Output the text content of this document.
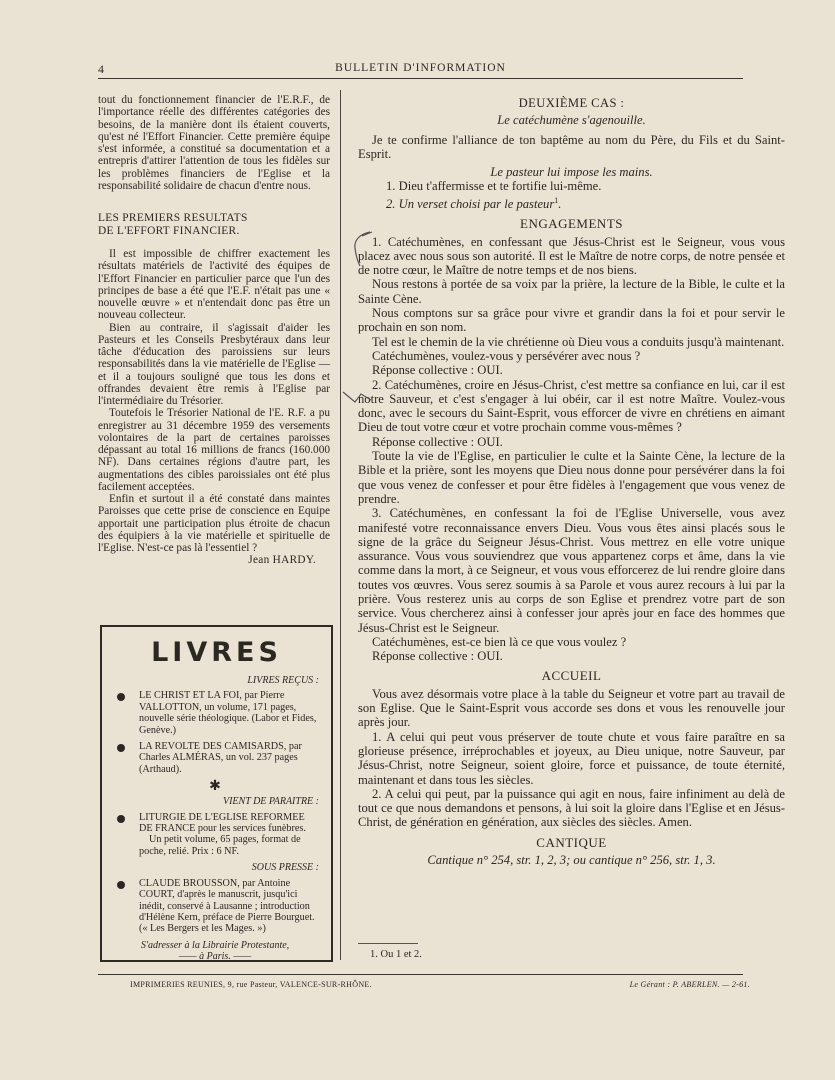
4	BULLETIN D'INFORMATION

tout du fonctionnement financier de l'E.R.F., de l'importance réelle des différentes catégories des besoins, de la manière dont ils étaient couverts, qu'est né l'Effort Financier. Cette première équipe s'est informée, a constitué sa documentation et a entrepris d'attirer l'attention de tous les fidèles sur les problèmes financiers de l'Eglise et la responsabilité solidaire de chacun d'entre nous.

LES PREMIERS RESULTATS
DE L'EFFORT FINANCIER.

Il est impossible de chiffrer exactement les résultats matériels de l'activité des équipes de l'Effort Financier en particulier parce que l'un des principes de base a été que l'E.F. n'était pas une « nouvelle œuvre » et n'entendait donc pas être un nouveau collecteur.

Bien au contraire, il s'agissait d'aider les Pasteurs et les Conseils Presbytéraux dans leur tâche d'éducation des paroissiens sur leurs responsabilités dans la vie matérielle de l'Eglise — et il a toujours souligné que tous les dons et offrandes devaient être remis à l'Eglise par l'intermédiaire du Trésorier.

Toutefois le Trésorier National de l'E. R.F. a pu enregistrer au 31 décembre 1959 des versements volontaires de la part de certaines paroisses dépassant au total 16 millions de francs (160.000 NF). Dans certaines régions d'autre part, les augmentations des cibles paroissiales ont été plus facilement acceptées.

Enfin et surtout il a été constaté dans maintes Paroisses que cette prise de conscience en Equipe apportait une participation plus étroite de chacun des équipiers à la vie matérielle et spirituelle de l'Eglise. N'est-ce pas là l'essentiel ?

Jean HARDY.
LIVRES
LIVRES REÇUS :
LE CHRIST ET LA FOI, par Pierre VALLOTTON, un volume, 171 pages, nouvelle série théologique. (Labor et Fides, Genève.)
LA REVOLTE DES CAMISARDS, par Charles ALMÉRAS, un vol. 237 pages (Arthaud).
✱
VIENT DE PARAITRE :
LITURGIE DE L'EGLISE REFORMEE DE FRANCE pour les services funèbres.
Un petit volume, 65 pages, format de poche, relié. Prix : 6 NF.
SOUS PRESSE :
CLAUDE BROUSSON, par Antoine COURT, d'après le manuscrit, jusqu'ici inédit, conservé à Lausanne ; introduction d'Hélène Kern, préface de Pierre Bourguet. (« Les Bergers et les Mages. »)
S'adresser à la Librairie Protestante,
—— à Paris. ——
DEUXIÈME CAS :
Le catéchumène s'agenouille.

Je te confirme l'alliance de ton baptême au nom du Père, du Fils et du Saint-Esprit.

Le pasteur lui impose les mains.
1. Dieu t'affermisse et te fortifie lui-même.
2. Un verset choisi par le pasteur$^1$.
ENGAGEMENTS

1. Catéchumènes, en confessant que Jésus-Christ est le Seigneur, vous vous placez avec nous sous son autorité. Il est le Maître de notre corps, de notre pensée et de notre cœur, le Maître de notre temps et de nos biens.

Nous restons à portée de sa voix par la prière, la lecture de la Bible, le culte et la Sainte Cène.

Nous comptons sur sa grâce pour vivre et grandir dans la foi et pour servir le prochain en son nom.

Tel est le chemin de la vie chrétienne où Dieu vous a conduits jusqu'à maintenant.

Catéchumènes, voulez-vous y persévérer avec nous ?

Réponse collective : OUI.

2. Catéchumènes, croire en Jésus-Christ, c'est mettre sa confiance en lui, car il est notre Sauveur, et c'est s'engager à lui obéir, car il est notre Maître. Voulez-vous donc, avec le secours du Saint-Esprit, vous efforcer de vivre en chrétiens en aimant Dieu de tout votre cœur et votre prochain comme vous-mêmes ?

Réponse collective : OUI.

Toute la vie de l'Eglise, en particulier le culte et la Sainte Cène, la lecture de la Bible et la prière, sont les moyens que Dieu nous donne pour persévérer dans la foi que vous venez de confesser et pour être fidèles à l'engagement que vous venez de prendre.

3. Catéchumènes, en confessant la foi de l'Eglise Universelle, vous avez manifesté votre reconnaissance envers Dieu. Vous vous êtes ainsi placés sous le signe de la grâce du Seigneur Jésus-Christ. Vous mettrez en elle votre unique assurance. Vous vous souviendrez que vous appartenez corps et âme, dans la vie comme dans la mort, à ce Seigneur, et vous vous efforcerez de lui rendre gloire dans toutes vos œuvres. Vous serez soumis à sa Parole et vous aurez recours à lui par la prière. Vous resterez unis au corps de son Eglise et prendrez votre part de son service. Vous chercherez ainsi à confesser jour après jour en face des hommes que Jésus-Christ est le Seigneur.

Catéchumènes, est-ce bien là ce que vous voulez ?

Réponse collective : OUI.

ACCUEIL

Vous avez désormais votre place à la table du Seigneur et votre part au travail de son Eglise. Que le Saint-Esprit vous accorde ses dons et vous les renouvelle jour après jour.

1. A celui qui peut vous préserver de toute chute et vous faire paraître en sa glorieuse présence, irréprochables et joyeux, au Dieu unique, notre Sauveur, par Jésus-Christ, notre Seigneur, soient gloire, force et puissance, de toute éternité, maintenant et dans tous les siècles.

2. A celui qui peut, par la puissance qui agit en nous, faire infiniment au delà de tout ce que nous demandons et pensons, à lui soit la gloire dans l'Eglise et en Jésus-Christ, de génération en génération, aux siècles des siècles. Amen.

CANTIQUE
Cantique n° 254, str. 1, 2, 3; ou cantique n° 256, str. 1, 3.
1. Ou 1 et 2.
IMPRIMERIES REUNIES, 9, rue Pasteur, VALENCE-SUR-RHÔNE.	Le Gérant : P. ABERLEN. — 2-61.
